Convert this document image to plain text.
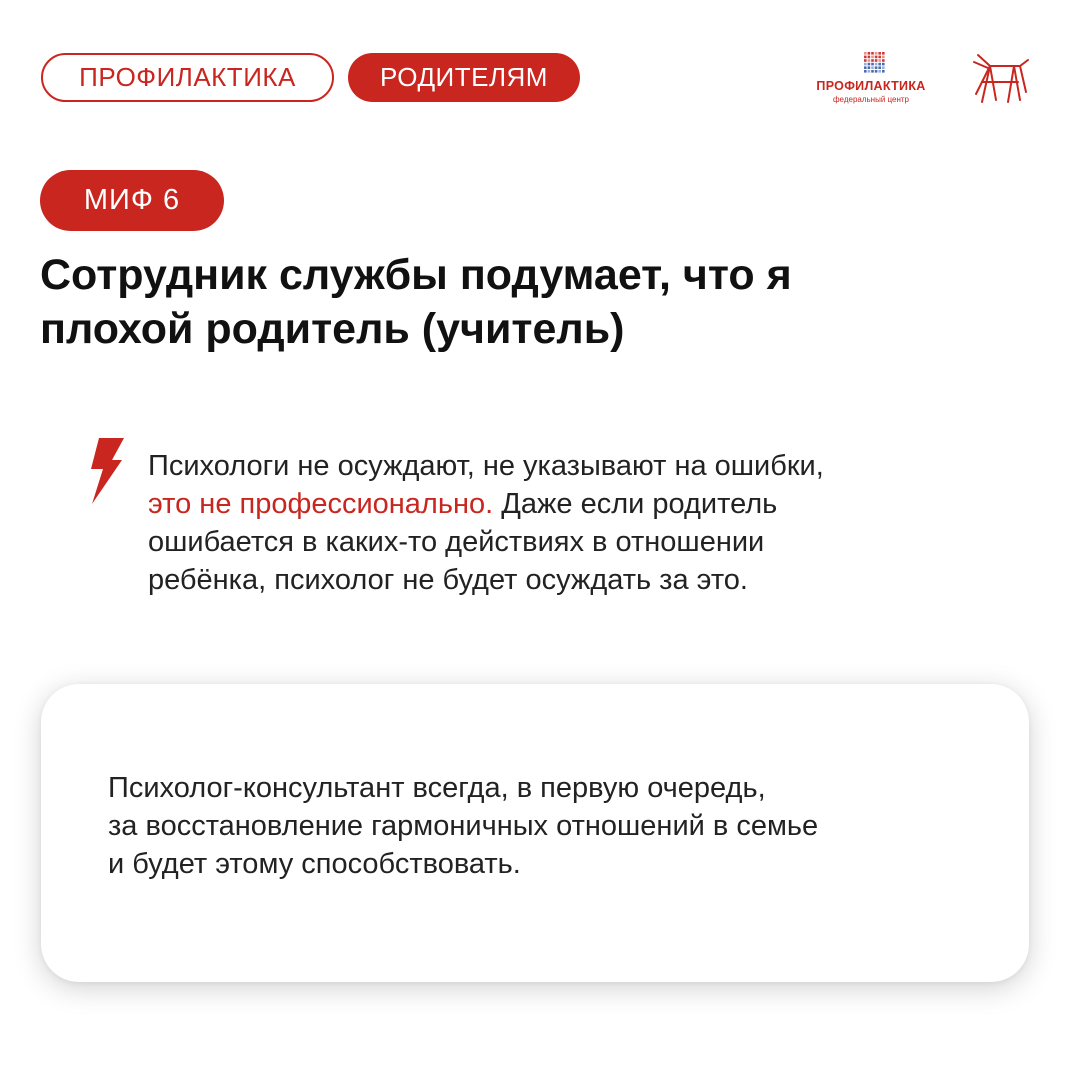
ПРОФИЛАКТИКА	РОДИТЕЛЯМ	ПРОФИЛАКТИКА
федеральный центр
МИФ 6
Сотрудник службы подумает, что я
плохой родитель (учитель)

Психологи не осуждают, не указывают на ошибки,
это не профессионально. Даже если родитель
ошибается в каких-то действиях в отношении
ребёнка, психолог не будет осуждать за это.

Психолог-консультант всегда, в первую очередь,
за восстановление гармоничных отношений в семье
и будет этому способствовать.
